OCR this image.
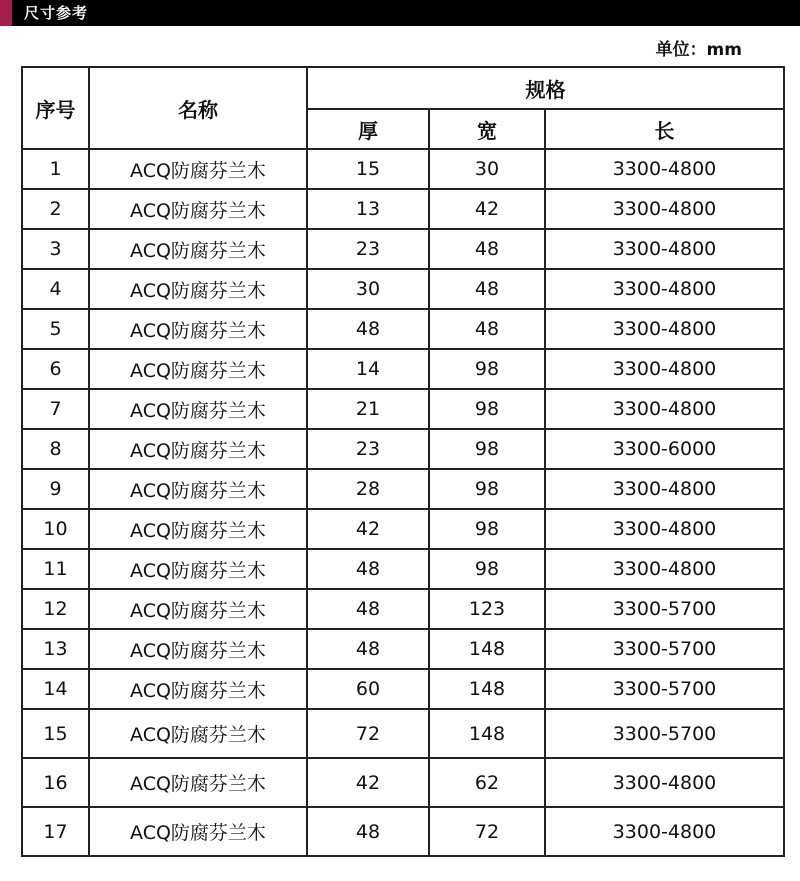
尺寸参考
单位：mm
序号	名称	规格		
		厚	宽	长
1	ACQ防腐芬兰木	15	30	3300-4800
2	ACQ防腐芬兰木	13	42	3300-4800
3	ACQ防腐芬兰木	23	48	3300-4800
4	ACQ防腐芬兰木	30	48	3300-4800
5	ACQ防腐芬兰木	48	48	3300-4800
6	ACQ防腐芬兰木	14	98	3300-4800
7	ACQ防腐芬兰木	21	98	3300-4800
8	ACQ防腐芬兰木	23	98	3300-6000
9	ACQ防腐芬兰木	28	98	3300-4800
10	ACQ防腐芬兰木	42	98	3300-4800
11	ACQ防腐芬兰木	48	98	3300-4800
12	ACQ防腐芬兰木	48	123	3300-5700
13	ACQ防腐芬兰木	48	148	3300-5700
14	ACQ防腐芬兰木	60	148	3300-5700
15	ACQ防腐芬兰木	72	148	3300-5700
16	ACQ防腐芬兰木	42	62	3300-4800
17	ACQ防腐芬兰木	48	72	3300-4800
